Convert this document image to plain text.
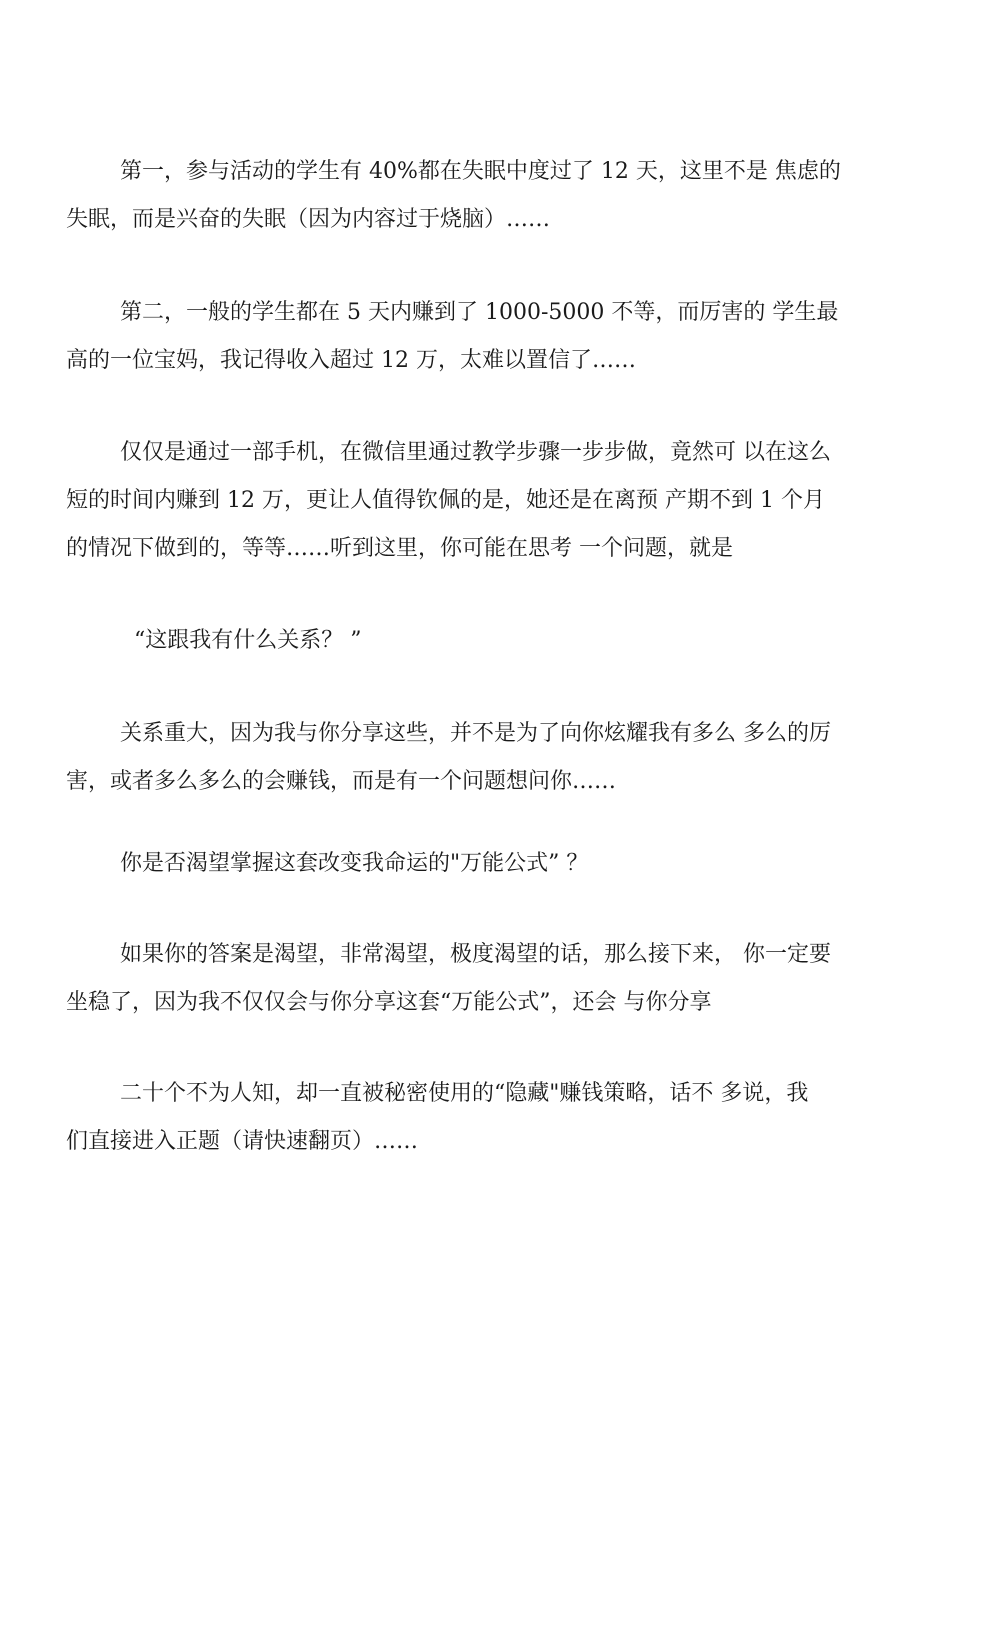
第一，参与活动的学生有 40%都在失眠中度过了 12 天，这里不是 焦虑的
失眠，而是兴奋的失眠（因为内容过于烧脑）……
第二，一般的学生都在 5 天内赚到了 1000-5000 不等，而厉害的 学生最
高的一位宝妈，我记得收入超过 12 万，太难以置信了……
仅仅是通过一部手机，在微信里通过教学步骤一步步做，竟然可 以在这么
短的时间内赚到 12 万，更让人值得钦佩的是，她还是在离预 产期不到 1 个月
的情况下做到的，等等……听到这里，你可能在思考 一个问题，就是
“这跟我有什么关系？ ”
关系重大，因为我与你分享这些，并不是为了向你炫耀我有多么 多么的厉
害，或者多么多么的会赚钱，而是有一个问题想问你……
你是否渴望掌握这套改变我命运的"万能公式” ？
如果你的答案是渴望，非常渴望，极度渴望的话，那么接下来， 你一定要
坐稳了，因为我不仅仅会与你分享这套“万能公式”，还会 与你分享
二十个不为人知，却一直被秘密使用的“隐藏"赚钱策略，话不 多说，我
们直接进入正题（请快速翻页）……
